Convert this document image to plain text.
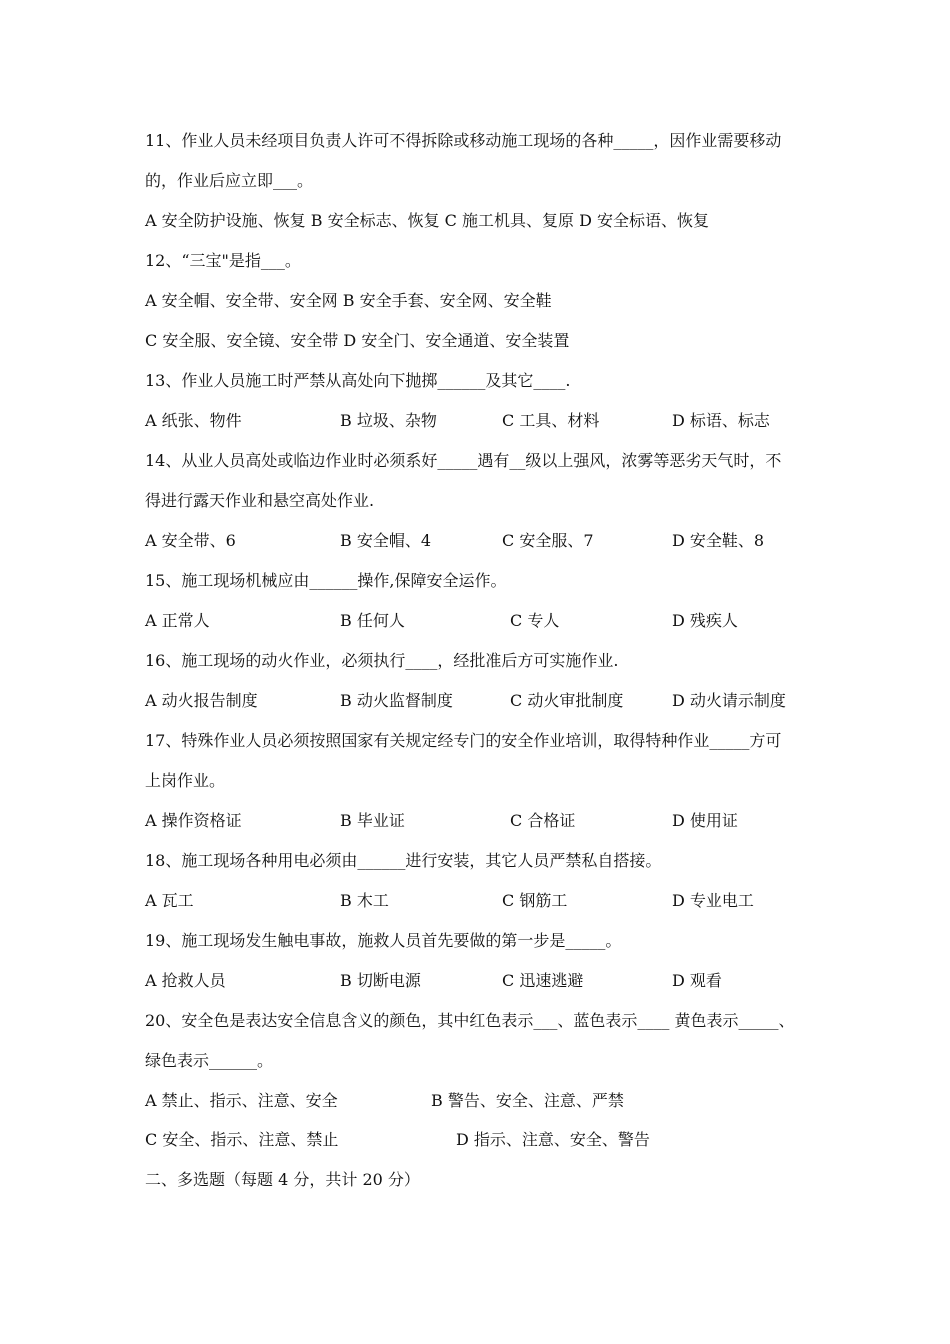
11、作业人员未经项目负责人许可不得拆除或移动施工现场的各种_____，因作业需要移动
的，作业后应立即___。
A 安全防护设施、恢复 B 安全标志、恢复 C 施工机具、复原 D 安全标语、恢复
12、“三宝"是指___。
A 安全帽、安全带、安全网 B 安全手套、安全网、安全鞋
C 安全服、安全镜、安全带 D 安全门、安全通道、安全装置
13、作业人员施工时严禁从高处向下抛掷______及其它____.
A 纸张、物件	B 垃圾、杂物	C 工具、材料	D 标语、标志
14、从业人员高处或临边作业时必须系好_____遇有__级以上强风，浓雾等恶劣天气时，不
得进行露天作业和悬空高处作业.
A 安全带、6	B 安全帽、4	C 安全服、7	D 安全鞋、8
15、施工现场机械应由______操作,保障安全运作。
A 正常人	B 任何人	C 专人	D 残疾人
16、施工现场的动火作业，必须执行____，经批准后方可实施作业.
A 动火报告制度	B 动火监督制度	C 动火审批制度	D 动火请示制度
17、特殊作业人员必须按照国家有关规定经专门的安全作业培训，取得特种作业_____方可
上岗作业。
A 操作资格证	B 毕业证	C 合格证	D 使用证
18、施工现场各种用电必须由______进行安装，其它人员严禁私自搭接。
A 瓦工	B 木工	C 钢筋工	D 专业电工
19、施工现场发生触电事故，施救人员首先要做的第一步是_____。
A 抢救人员	B 切断电源	C 迅速逃避	D 观看
20、安全色是表达安全信息含义的颜色，其中红色表示___、蓝色表示____ 黄色表示_____、
绿色表示______。
A 禁止、指示、注意、安全	B 警告、安全、注意、严禁
C 安全、指示、注意、禁止	D 指示、注意、安全、警告
二、多选题（每题 4 分，共计 20 分）
